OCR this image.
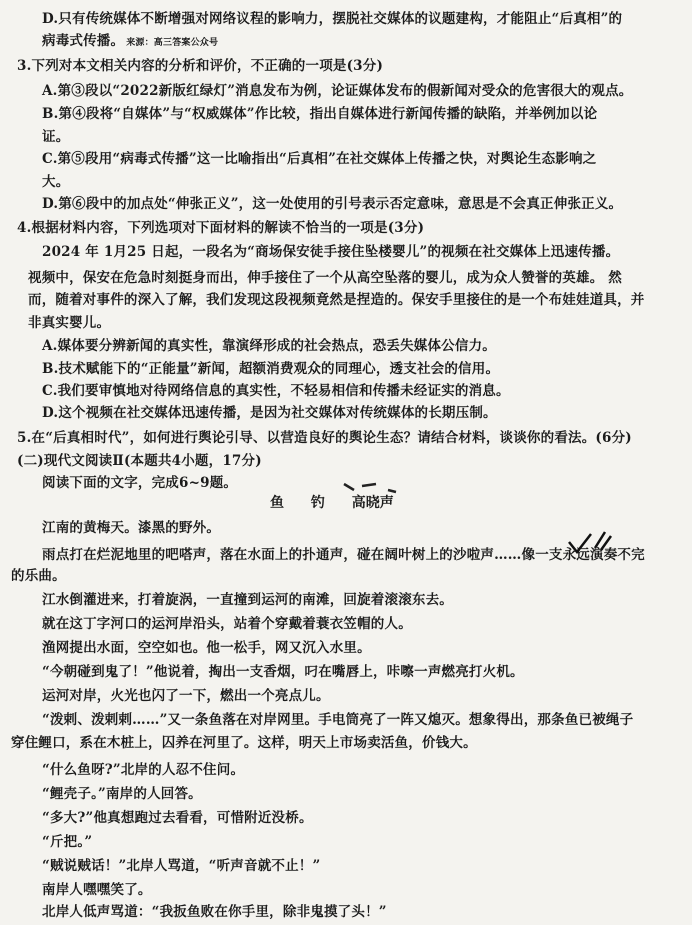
D.只有传统媒体不断增强对网络议程的影响力，摆脱社交媒体的议题建构，才能阻止“后真相”的
病毒式传播。 来源：高三答案公众号
3.下列对本文相关内容的分析和评价，不正确的一项是(3分)
A.第③段以“2022新版红绿灯”消息发布为例，论证媒体发布的假新闻对受众的危害很大的观点。
B.第④段将“自媒体”与“权威媒体”作比较，指出自媒体进行新闻传播的缺陷，并举例加以论
证。
C.第⑤段用“病毒式传播”这一比喻指出“后真相”在社交媒体上传播之快，对舆论生态影响之
大。
D.第⑥段中的加点处“伸张正义”，这一处使用的引号表示否定意味，意思是不会真正伸张正义。
4.根据材料内容，下列选项对下面材料的解读不恰当的一项是(3分)
2024 年 1月25 日起，一段名为“商场保安徒手接住坠楼婴儿”的视频在社交媒体上迅速传播。
视频中，保安在危急时刻挺身而出，伸手接住了一个从高空坠落的婴儿，成为众人赞誉的英雄。 然
而，随着对事件的深入了解，我们发现这段视频竟然是捏造的。保安手里接住的是一个布娃娃道具，并
非真实婴儿。
A.媒体要分辨新闻的真实性，靠演绎形成的社会热点，恐丢失媒体公信力。
B.技术赋能下的“正能量”新闻，超额消费观众的同理心，透支社会的信用。
C.我们要审慎地对待网络信息的真实性，不轻易相信和传播未经证实的消息。
D.这个视频在社交媒体迅速传播，是因为社交媒体对传统媒体的长期压制。
5.在“后真相时代”，如何进行舆论引导、以营造良好的舆论生态？请结合材料，谈谈你的看法。(6分)
(二)现代文阅读Ⅱ(本题共4小题，17分)
阅读下面的文字，完成6~9题。
鱼 钓 高晓声
江南的黄梅天。漆黑的野外。
雨点打在烂泥地里的吧嗒声，落在水面上的扑通声，碰在阔叶树上的沙啦声……像一支永远演奏不完
的乐曲。
江水倒灌进来，打着旋涡，一直撞到运河的南滩，回旋着滚滚东去。
就在这丁字河口的运河岸沿头，站着个穿戴着蓑衣笠帽的人。
渔网提出水面，空空如也。他一松手，网又沉入水里。
“今朝碰到鬼了！”他说着，掏出一支香烟，叼在嘴唇上，咔嚓一声燃亮打火机。
运河对岸，火光也闪了一下，燃出一个亮点儿。
“泼剌、泼剌剌……”又一条鱼落在对岸网里。手电筒亮了一阵又熄灭。想象得出，那条鱼已被绳子
穿住鲤口，系在木桩上，囚养在河里了。这样，明天上市场卖活鱼，价钱大。
“什么鱼呀?”北岸的人忍不住问。
“鲤壳子。”南岸的人回答。
“多大?”他真想跑过去看看，可惜附近没桥。
“斤把。”
“贼说贼话！”北岸人骂道，“听声音就不止！”
南岸人嘿嘿笑了。
北岸人低声骂道：“我扳鱼败在你手里，除非鬼摸了头！”
